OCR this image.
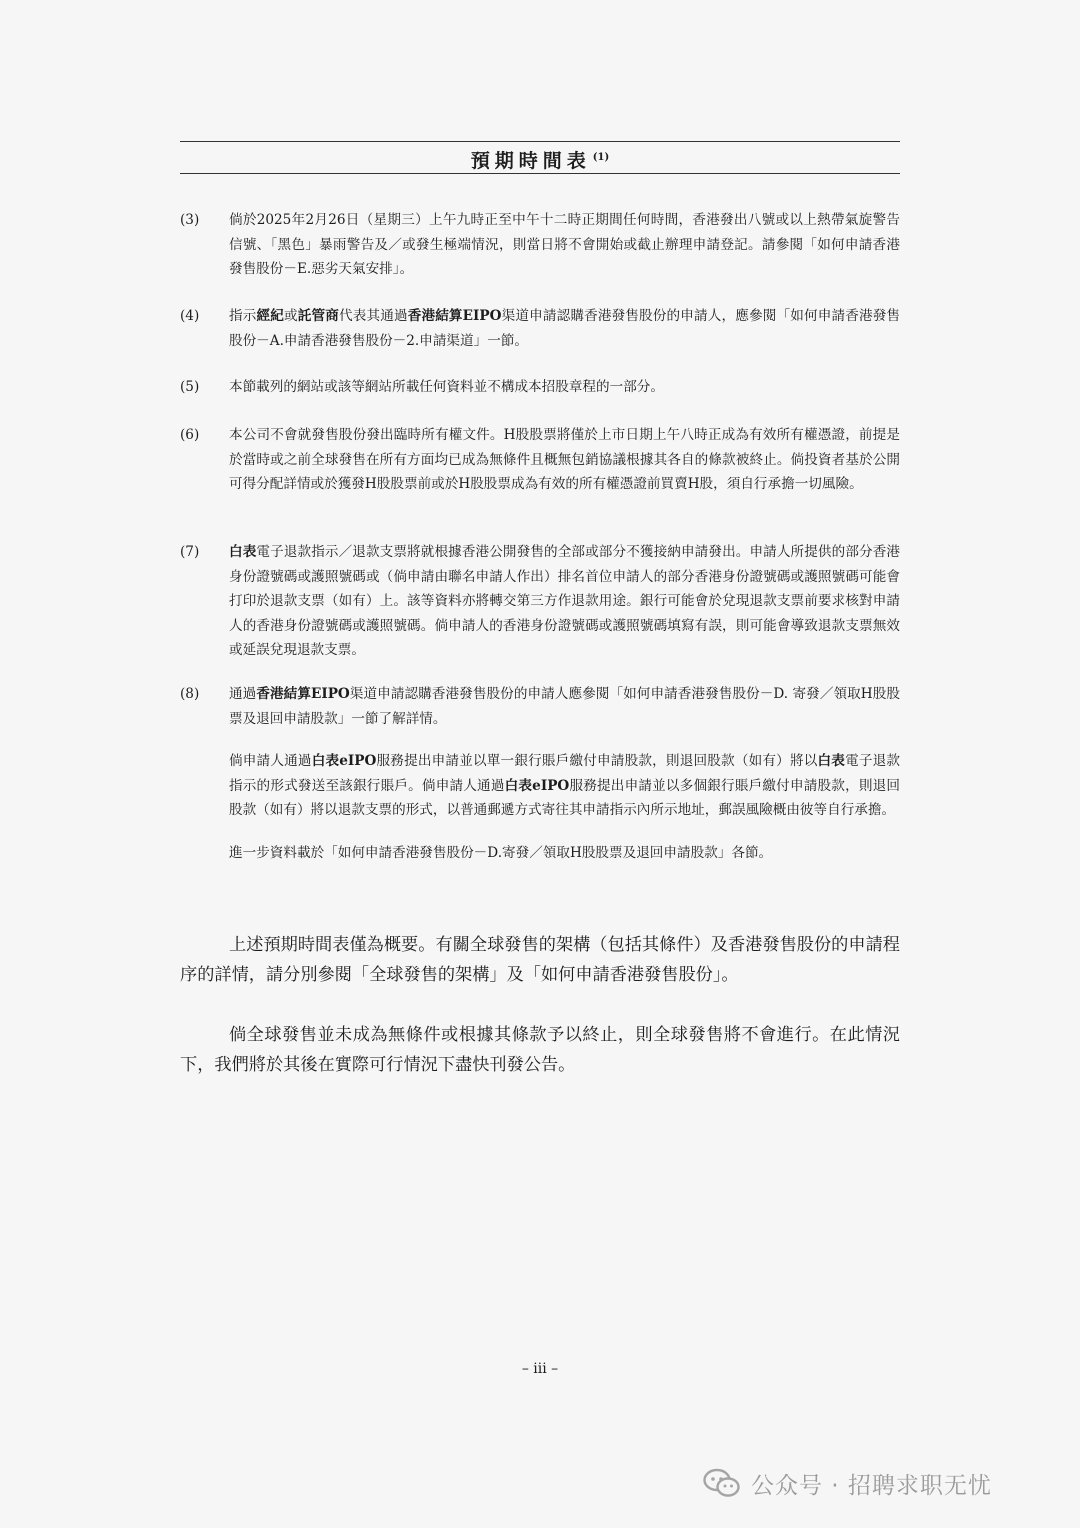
預期時間表 $^{(1)}$
(3)	倘於2025年2月26日（星期三）上午九時正至中午十二時正期間任何時間，香港發出八號或以上熱帶氣旋警告信號、「黑色」暴雨警告及／或發生極端情況，則當日將不會開始或截止辦理申請登記。請參閱「如何申請香港發售股份－E.惡劣天氣安排」。

(4)	指示經紀或託管商代表其通過香港結算EIPO渠道申請認購香港發售股份的申請人，應參閱「如何申請香港發售股份－A.申請香港發售股份－2.申請渠道」一節。

(5)	本節載列的網站或該等網站所載任何資料並不構成本招股章程的一部分。

(6)	本公司不會就發售股份發出臨時所有權文件。H股股票將僅於上市日期上午八時正成為有效所有權憑證，前提是於當時或之前全球發售在所有方面均已成為無條件且概無包銷協議根據其各自的條款被終止。倘投資者基於公開可得分配詳情或於獲發H股股票前或於H股股票成為有效的所有權憑證前買賣H股，須自行承擔一切風險。

(7)	白表電子退款指示／退款支票將就根據香港公開發售的全部或部分不獲接納申請發出。申請人所提供的部分香港身份證號碼或護照號碼或（倘申請由聯名申請人作出）排名首位申請人的部分香港身份證號碼或護照號碼可能會打印於退款支票（如有）上。該等資料亦將轉交第三方作退款用途。銀行可能會於兌現退款支票前要求核對申請人的香港身份證號碼或護照號碼。倘申請人的香港身份證號碼或護照號碼填寫有誤，則可能會導致退款支票無效或延誤兌現退款支票。

(8)	通過香港結算EIPO渠道申請認購香港發售股份的申請人應參閱「如何申請香港發售股份－D. 寄發／領取H股股票及退回申請股款」一節了解詳情。

倘申請人通過白表eIPO服務提出申請並以單一銀行賬戶繳付申請股款，則退回股款（如有）將以白表電子退款指示的形式發送至該銀行賬戶。倘申請人通過白表eIPO服務提出申請並以多個銀行賬戶繳付申請股款，則退回股款（如有）將以退款支票的形式，以普通郵遞方式寄往其申請指示內所示地址，郵誤風險概由彼等自行承擔。

進一步資料載於「如何申請香港發售股份－D.寄發／領取H股股票及退回申請股款」各節。

上述預期時間表僅為概要。有關全球發售的架構（包括其條件）及香港發售股份的申請程序的詳情，請分別參閱「全球發售的架構」及「如何申請香港發售股份」。
倘全球發售並未成為無條件或根據其條款予以終止，則全球發售將不會進行。在此情況下，我們將於其後在實際可行情況下盡快刊發公告。
– iii –
公众号 · 招聘求职无忧
